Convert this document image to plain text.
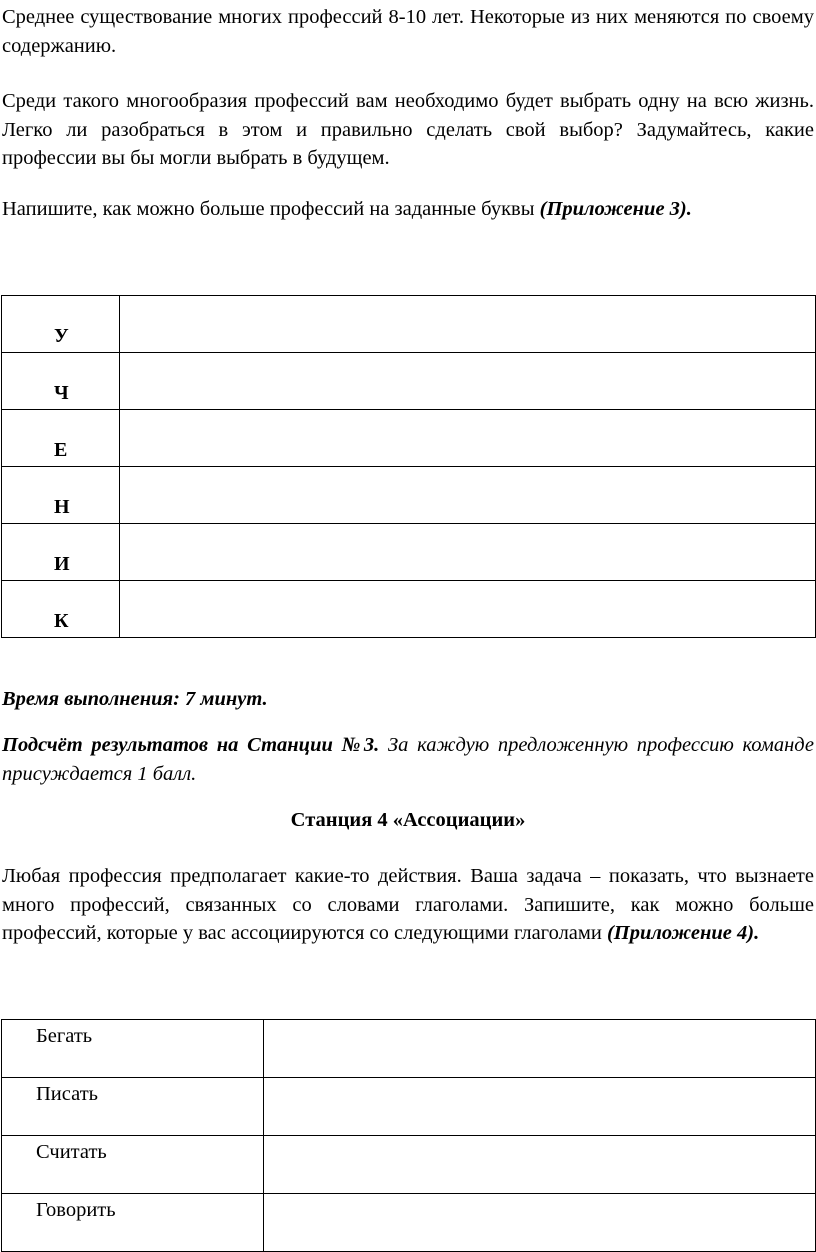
Среднее существование многих профессий 8-10 лет. Некоторые из них меняются по своему содержанию.

Среди такого многообразия профессий вам необходимо будет выбрать одну на всю жизнь. Легко ли разобраться в этом и правильно сделать свой выбор? Задумайтесь, какие профессии вы бы могли выбрать в будущем.

Напишите, как можно больше профессий на заданные буквы (Приложение 3).

У	
Ч	
Е	
Н	
И	
К	

Время выполнения: 7 минут.

Подсчёт результатов на Станции №3. За каждую предложенную профессию команде присуждается 1 балл.

Станция 4 «Ассоциации»

Любая профессия предполагает какие-то действия. Ваша задача – показать, что вызнаете много профессий, связанных со словами глаголами. Запишите, как можно больше профессий, которые у вас ассоциируются со следующими глаголами (Приложение 4).

Бегать	
Писать	
Считать	
Говорить	
